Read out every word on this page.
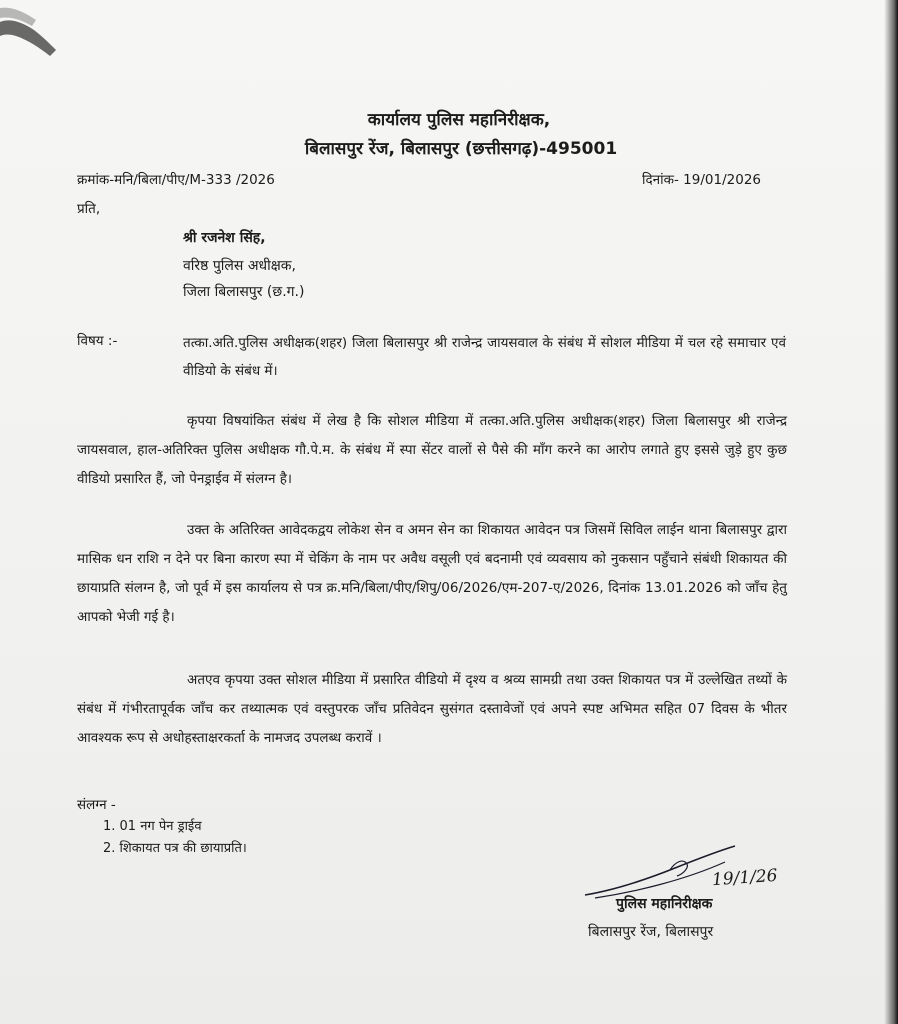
कार्यालय पुलिस महानिरीक्षक,
बिलासपुर रेंज, बिलासपुर (छत्तीसगढ़)-495001
क्रमांक-मनि/बिला/पीए/M-333 /2026	दिनांक- 19/01/2026
प्रति,
श्री रजनेश सिंह,
वरिष्ठ पुलिस अधीक्षक,
जिला बिलासपुर (छ.ग.)
विषय :-	तत्का.अति.पुलिस अधीक्षक(शहर) जिला बिलासपुर श्री राजेन्द्र जायसवाल के संबंध में सोशल मीडिया में चल रहे समाचार एवं वीडियो के संबंध में।
कृपया विषयांकित संबंध में लेख है कि सोशल मीडिया में तत्का.अति.पुलिस अधीक्षक(शहर) जिला बिलासपुर श्री राजेन्द्र जायसवाल, हाल-अतिरिक्त पुलिस अधीक्षक गौ.पे.म. के संबंध में स्पा सेंटर वालों से पैसे की माँग करने का आरोप लगाते हुए इससे जुड़े हुए कुछ वीडियो प्रसारित हैं, जो पेनड्राईव में संलग्न है।
उक्त के अतिरिक्त आवेदकद्वय लोकेश सेन व अमन सेन का शिकायत आवेदन पत्र जिसमें सिविल लाईन थाना बिलासपुर द्वारा मासिक धन राशि न देने पर बिना कारण स्पा में चेकिंग के नाम पर अवैध वसूली एवं बदनामी एवं व्यवसाय को नुकसान पहुँचाने संबंधी शिकायत की छायाप्रति संलग्न है, जो पूर्व में इस कार्यालय से पत्र क्र.मनि/बिला/पीए/शिपु/06/2026/एम-207-ए/2026, दिनांक 13.01.2026 को जाँच हेतु आपको भेजी गई है।
अतएव कृपया उक्त सोशल मीडिया में प्रसारित वीडियो में दृश्य व श्रव्य सामग्री तथा उक्त शिकायत पत्र में उल्लेखित तथ्यों के संबंध में गंभीरतापूर्वक जाँच कर तथ्यात्मक एवं वस्तुपरक जाँच प्रतिवेदन सुसंगत दस्तावेजों एवं अपने स्पष्ट अभिमत सहित 07 दिवस के भीतर आवश्यक रूप से अधोहस्ताक्षरकर्ता के नामजद उपलब्ध करावें ।
संलग्न -
1. 01 नग पेन ड्राईव
2. शिकायत पत्र की छायाप्रति।
19/1/26
पुलिस महानिरीक्षक
बिलासपुर रेंज, बिलासपुर
